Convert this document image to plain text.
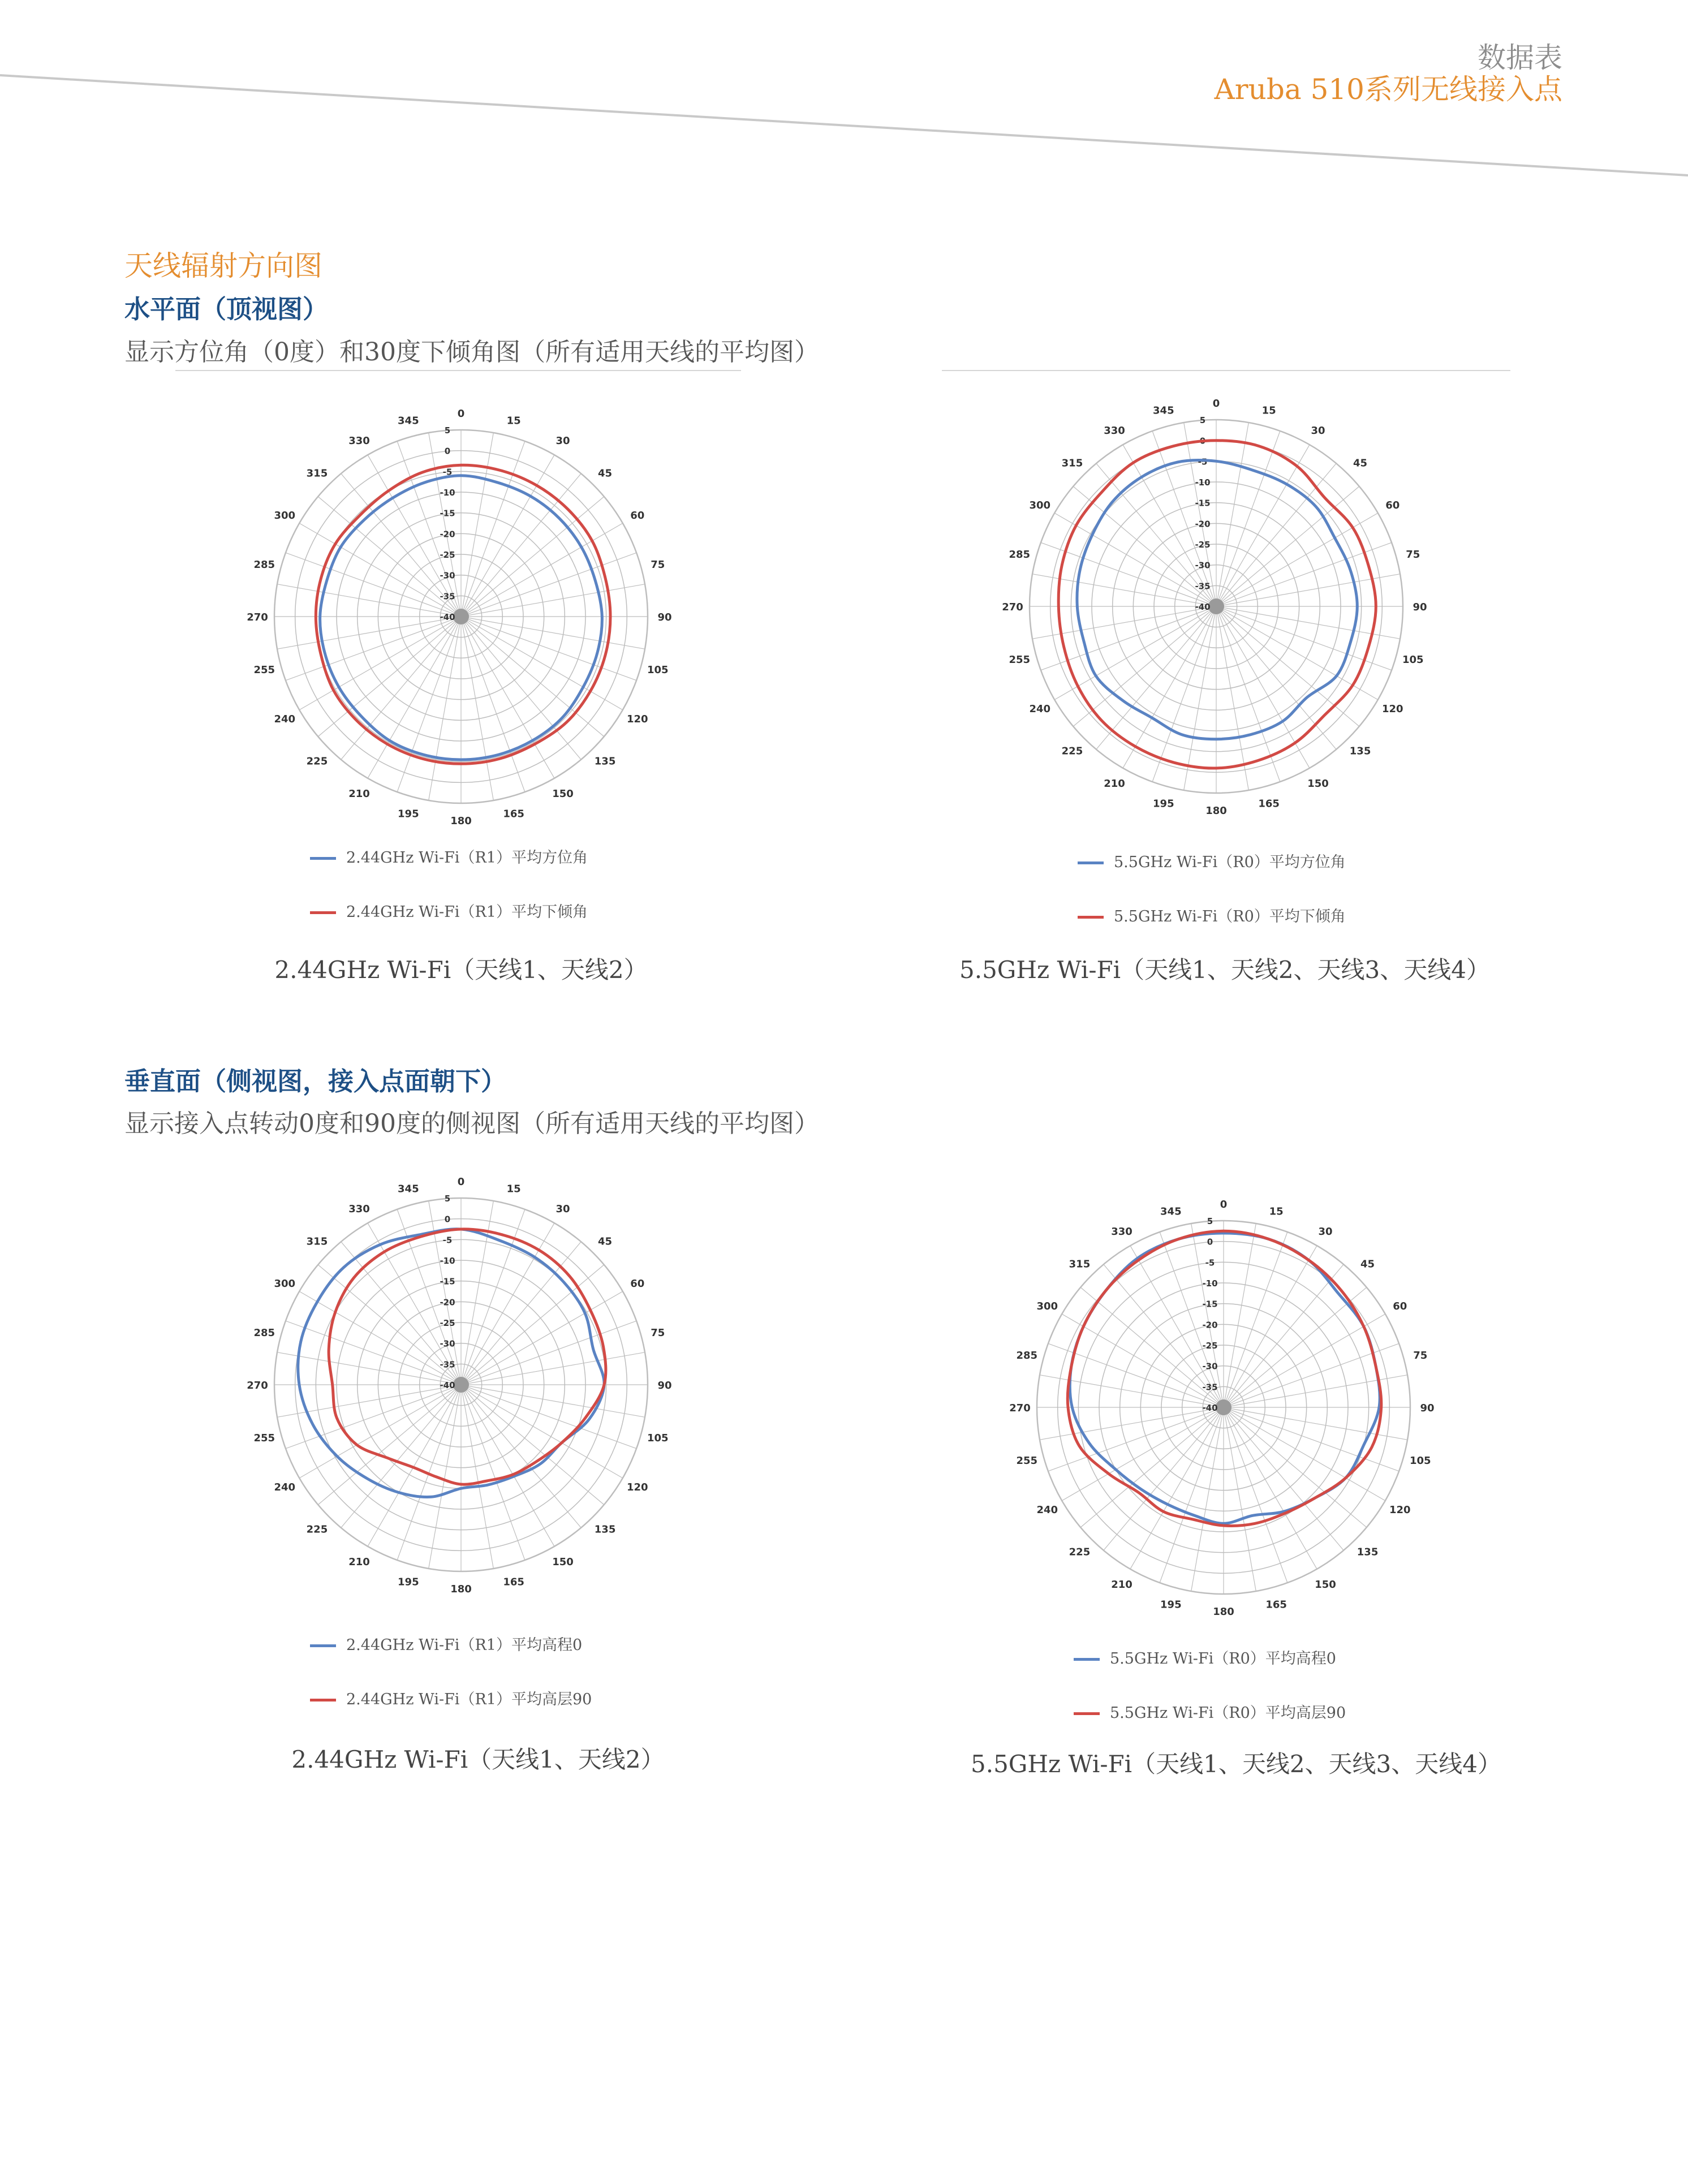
数据表
Aruba 510系列无线接入点
天线辐射方向图
水平面（顶视图）
显示方位角（0度）和30度下倾角图（所有适用天线的平均图）
0
15
30
45
60
75
90
105
120
135
150
165
180
195
210
225
240
255
270
285
300
315
330
345
5
0
-5
-10
-15
-20
-25
-30
-35
-40
2.44GHz Wi-Fi（R1）平均方位角
2.44GHz Wi-Fi（R1）平均下倾角
2.44GHz Wi-Fi（天线1、天线2）
0
15
30
45
60
75
90
105
120
135
150
165
180
195
210
225
240
255
270
285
300
315
330
345
5
0
-5
-10
-15
-20
-25
-30
-35
-40
5.5GHz Wi-Fi（R0）平均方位角
5.5GHz Wi-Fi（R0）平均下倾角
5.5GHz Wi-Fi（天线1、天线2、天线3、天线4）
垂直面（侧视图，接入点面朝下）
显示接入点转动0度和90度的侧视图（所有适用天线的平均图）
0
15
30
45
60
75
90
105
120
135
150
165
180
195
210
225
240
255
270
285
300
315
330
345
5
0
-5
-10
-15
-20
-25
-30
-35
-40
2.44GHz Wi-Fi（R1）平均高程0
2.44GHz Wi-Fi（R1）平均高层90
2.44GHz Wi-Fi（天线1、天线2）
0
15
30
45
60
75
90
105
120
135
150
165
180
195
210
225
240
255
270
285
300
315
330
345
5
0
-5
-10
-15
-20
-25
-30
-35
-40
5.5GHz Wi-Fi（R0）平均高程0
5.5GHz Wi-Fi（R0）平均高层90
5.5GHz Wi-Fi（天线1、天线2、天线3、天线4）
